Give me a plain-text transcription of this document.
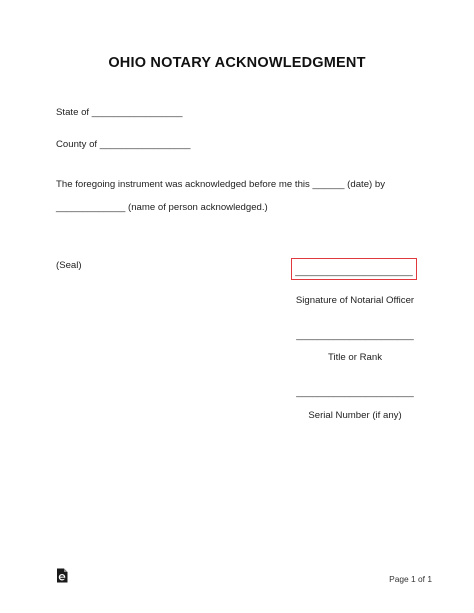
OHIO NOTARY ACKNOWLEDGMENT
State of _________________
County of _________________
The foregoing instrument was acknowledged before me this ______ (date) by
_____________ (name of person acknowledged.)
(Seal)
______________________
Signature of Notarial Officer
______________________
Title or Rank
______________________
Serial Number (if any)
Page 1 of 1
